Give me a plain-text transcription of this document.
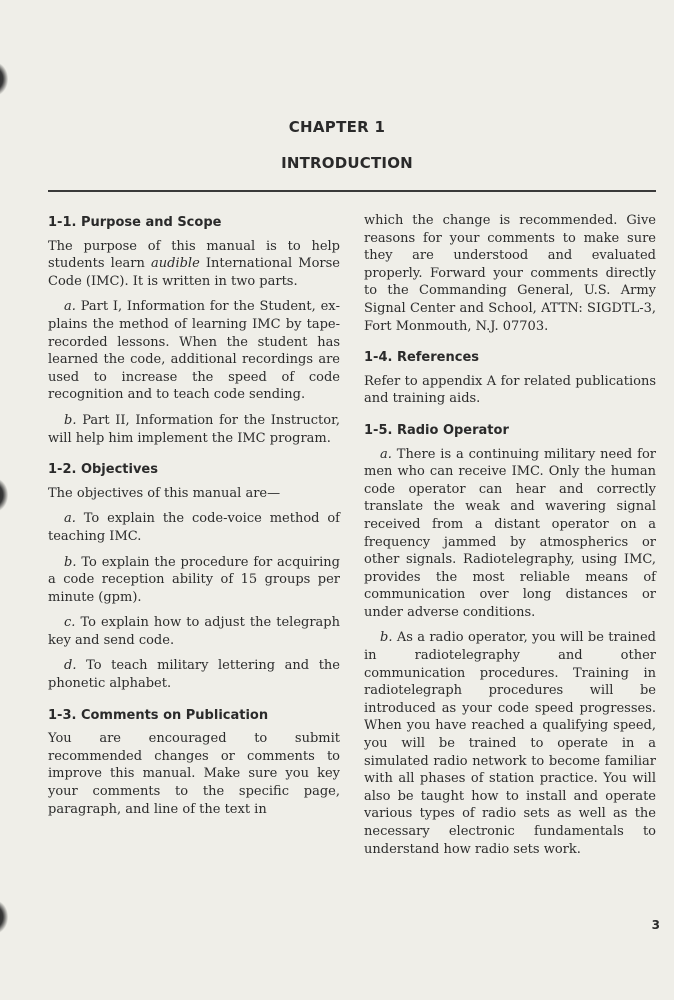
CHAPTER 1
INTRODUCTION
1-1. Purpose and Scope

The purpose of this manual is to help students learn audible International Morse Code (IMC). It is written in two parts.

a. Part I, Information for the Student, explains the method of learning IMC by tape-recorded lessons. When the student has learned the code, additional recordings are used to increase the speed of code recognition and to teach code sending.

b. Part II, Information for the Instructor, will help him implement the IMC program.

1-2. Objectives

The objectives of this manual are—

a. To explain the code-voice method of teaching IMC.

b. To explain the procedure for acquiring a code reception ability of 15 groups per minute (gpm).

c. To explain how to adjust the telegraph key and send code.

d. To teach military lettering and the phonetic alphabet.

1-3. Comments on Publication

You are encouraged to submit recommended changes or comments to improve this manual. Make sure you key your comments to the specific page, paragraph, and line of the text in

which the change is recommended. Give reasons for your comments to make sure they are understood and evaluated properly. Forward your comments directly to the Commanding General, U.S. Army Signal Center and School, ATTN: SIGDTL-3, Fort Monmouth, N.J. 07703.

1-4. References

Refer to appendix A for related publications and training aids.

1-5. Radio Operator

a. There is a continuing military need for men who can receive IMC. Only the human code operator can hear and correctly translate the weak and wavering signal received from a distant operator on a frequency jammed by atmospherics or other signals. Radiotelegraphy, using IMC, provides the most reliable means of communication over long distances or under adverse conditions.

b. As a radio operator, you will be trained in radiotelegraphy and other communication procedures. Training in radiotelegraph procedures will be introduced as your code speed progresses. When you have reached a qualifying speed, you will be trained to operate in a simulated radio network to become familiar with all phases of station practice. You will also be taught how to install and operate various types of radio sets as well as the necessary electronic fundamentals to understand how radio sets work.

3
